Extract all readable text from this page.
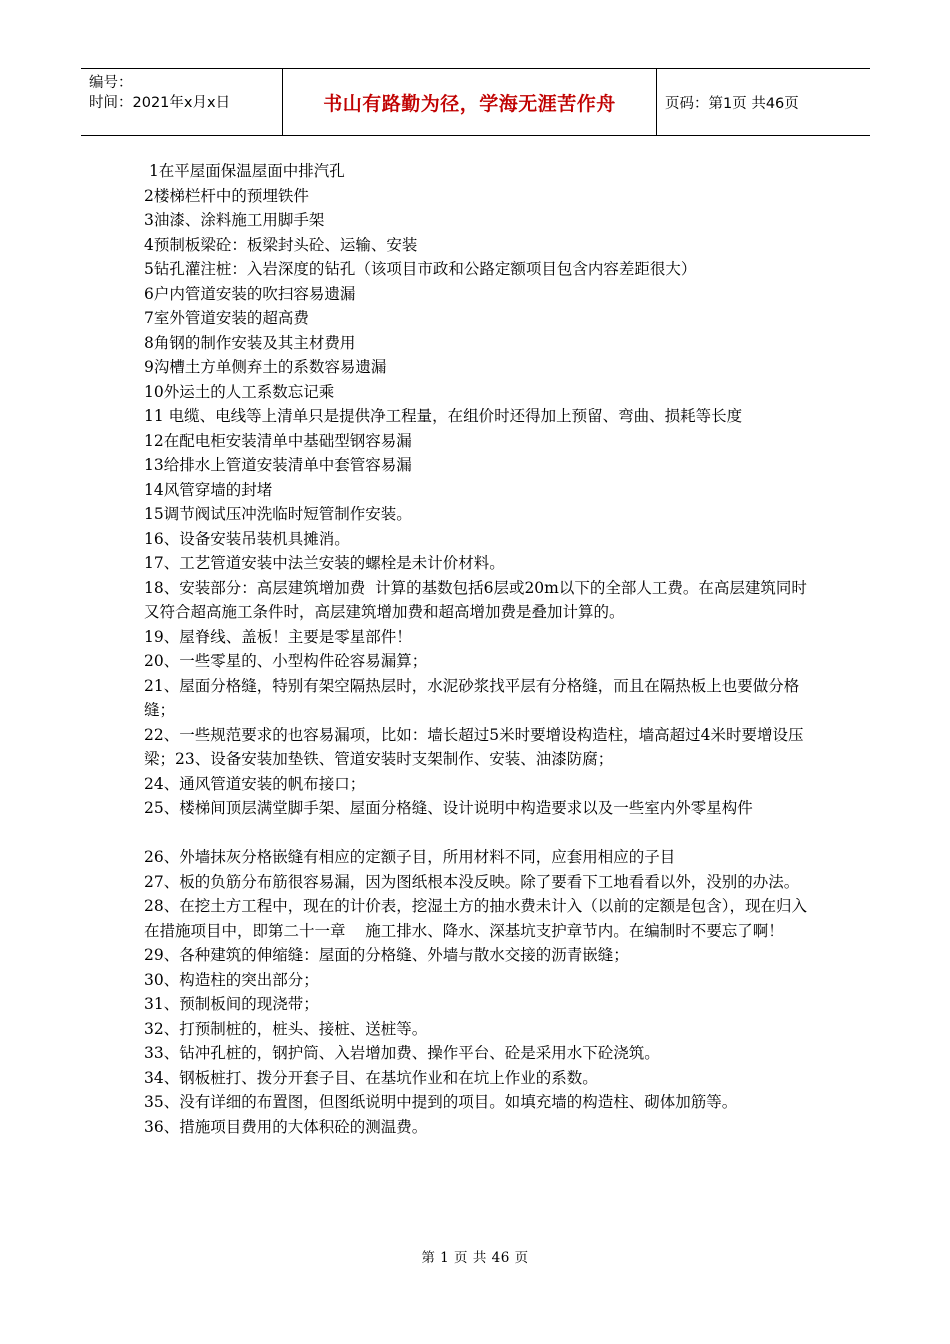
编号：
时间：2021年x月x日	书山有路勤为径，学海无涯苦作舟	页码：第1页 共46页
1在平屋面保温屋面中排汽孔
2楼梯栏杆中的预埋铁件
3油漆、涂料施工用脚手架
4预制板梁砼：板梁封头砼、运输、安装
5钻孔灌注桩：入岩深度的钻孔（该项目市政和公路定额项目包含内容差距很大）
6户内管道安装的吹扫容易遗漏
7室外管道安装的超高费
8角钢的制作安装及其主材费用
9沟槽土方单侧弃土的系数容易遗漏
10外运土的人工系数忘记乘
11 电缆、电线等上清单只是提供净工程量，在组价时还得加上预留、弯曲、损耗等长度
12在配电柜安装清单中基础型钢容易漏
13给排水上管道安装清单中套管容易漏
14风管穿墙的封堵
15调节阀试压冲洗临时短管制作安装。
16、设备安装吊装机具摊消。
17、工艺管道安装中法兰安装的螺栓是未计价材料。
18、安装部分：高层建筑增加费  计算的基数包括6层或20m以下的全部人工费。在高层建筑同时又符合超高施工条件时，高层建筑增加费和超高增加费是叠加计算的。
19、屋脊线、盖板！主要是零星部件！
20、一些零星的、小型构件砼容易漏算；
21、屋面分格缝，特别有架空隔热层时，水泥砂浆找平层有分格缝，而且在隔热板上也要做分格缝；
22、一些规范要求的也容易漏项，比如：墙长超过5米时要增设构造柱，墙高超过4米时要增设压梁；23、设备安装加垫铁、管道安装时支架制作、安装、油漆防腐；
24、通风管道安装的帆布接口；
25、楼梯间顶层满堂脚手架、屋面分格缝、设计说明中构造要求以及一些室内外零星构件
26、外墙抹灰分格嵌缝有相应的定额子目，所用材料不同，应套用相应的子目
27、板的负筋分布筋很容易漏，因为图纸根本没反映。除了要看下工地看看以外，没别的办法。
28、在挖土方工程中，现在的计价表，挖湿土方的抽水费未计入（以前的定额是包含），现在归入在措施项目中，即第二十一章    施工排水、降水、深基坑支护章节内。在编制时不要忘了啊！
29、各种建筑的伸缩缝：屋面的分格缝、外墙与散水交接的沥青嵌缝；
30、构造柱的突出部分；
31、预制板间的现浇带；
32、打预制桩的，桩头、接桩、送桩等。
33、钻冲孔桩的，钢护筒、入岩增加费、操作平台、砼是采用水下砼浇筑。
34、钢板桩打、拨分开套子目、在基坑作业和在坑上作业的系数。
35、没有详细的布置图，但图纸说明中提到的项目。如填充墙的构造柱、砌体加筋等。
36、措施项目费用的大体积砼的测温费。
第 1 页 共 46 页
